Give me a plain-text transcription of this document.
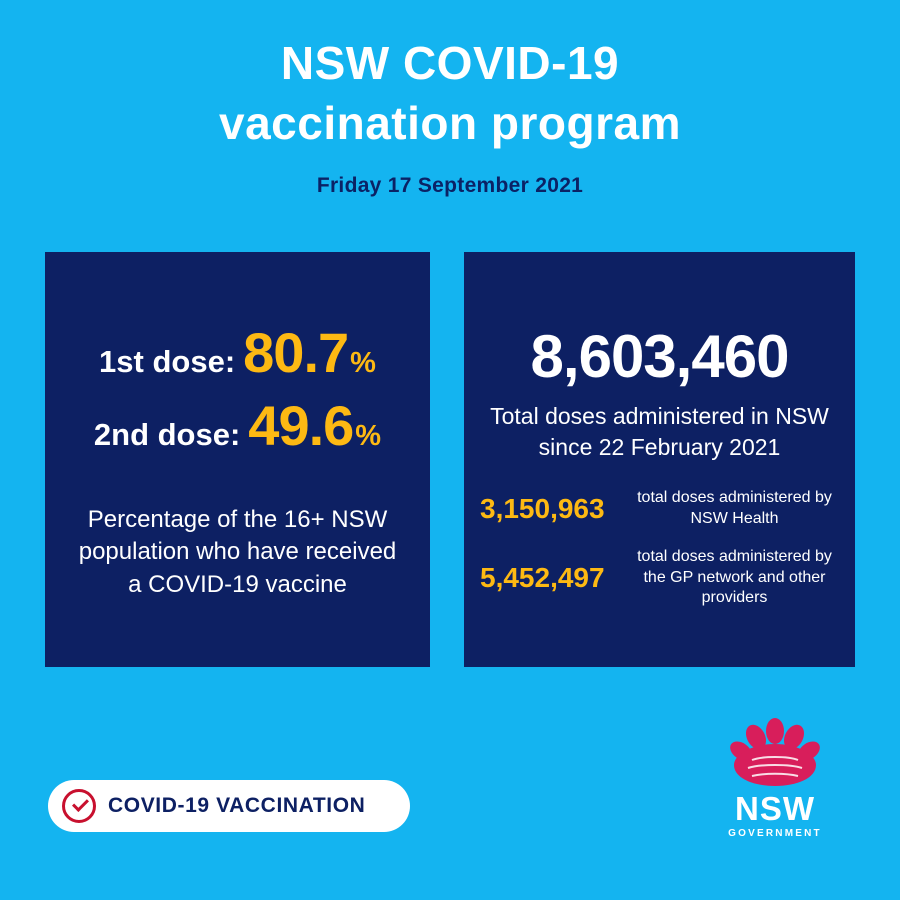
NSW COVID-19
vaccination program
Friday 17 September 2021
1st dose: 80.7 %
2nd dose: 49.6 %
Percentage of the 16+ NSW population who have received a COVID-19 vaccine
8,603,460
Total doses administered in NSW since 22 February 2021
3,150,963	total doses administered by NSW Health
5,452,497
total doses administered by the GP network and other providers
COVID-19 VACCINATION	NSW
GOVERNMENT
